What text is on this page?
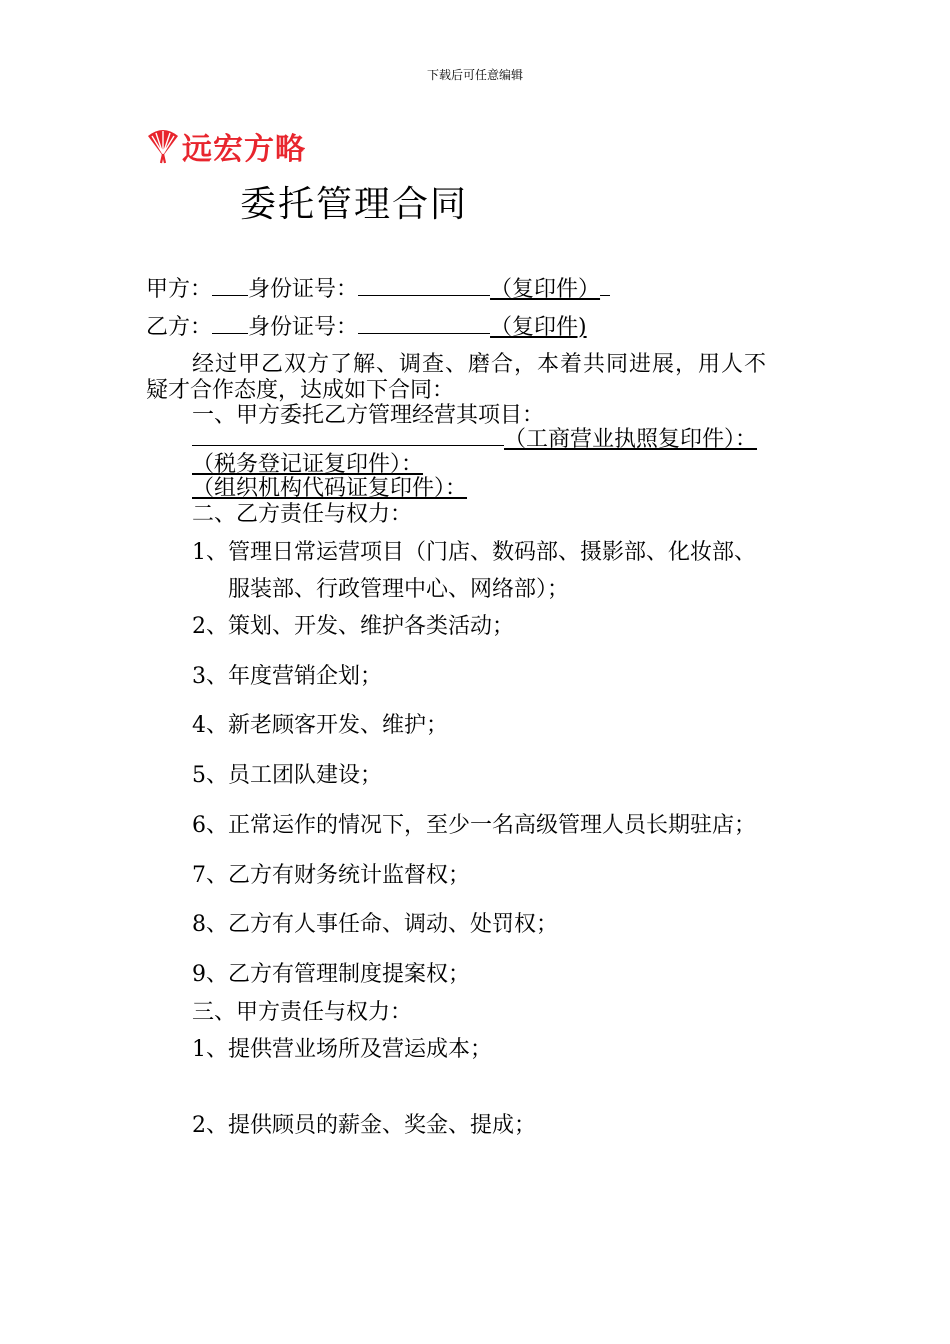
下载后可任意编辑
远宏方略
委托管理合同
甲方： 身份证号：	（复印件）
乙方： 身份证号：	（复印件)
经过甲乙双方了解、调查、磨合，本着共同进展，用人不
疑才合作态度，达成如下合同：
一、甲方委托乙方管理经营其项目：
（工商营业执照复印件）：
（税务登记证复印件）：
（组织机构代码证复印件）：
二、乙方责任与权力：
1、管理日常运营项目（门店、数码部、摄影部、化妆部、
服装部、行政管理中心、网络部）；
2、策划、开发、维护各类活动；
3、年度营销企划；
4、新老顾客开发、维护；
5、员工团队建设；
6、正常运作的情况下，至少一名高级管理人员长期驻店；
7、乙方有财务统计监督权；
8、乙方有人事任命、调动、处罚权；
9、乙方有管理制度提案权；
三、甲方责任与权力：
1、提供营业场所及营运成本；
2、提供顾员的薪金、奖金、提成；
